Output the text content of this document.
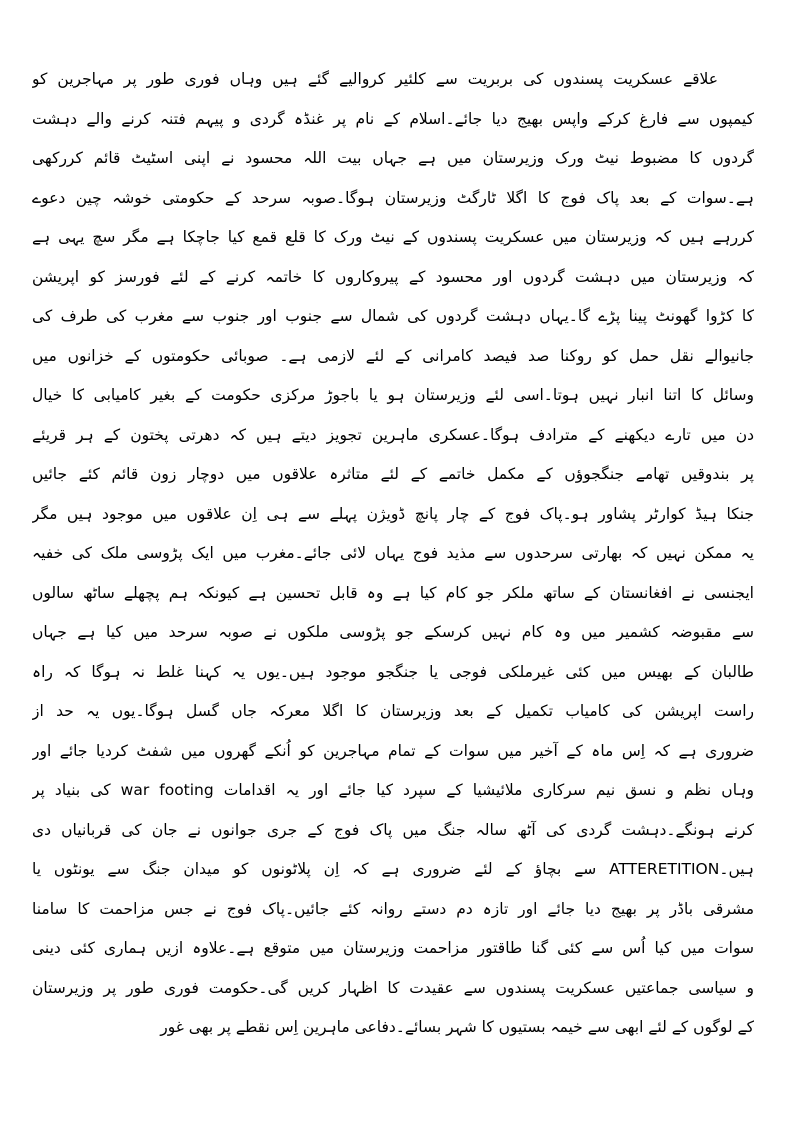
علاقے عسکریت پسندوں کی بربریت سے کلئیر کروالیے گئے ہیں وہاں فوری طور پر مہاجرین کو
کیمپوں سے فارغ کرکے واپس بھیج دیا جائے۔اسلام کے نام پر غنڈہ گردی و پیہم فتنہ کرنے والے دہشت
گردوں کا مضبوط نیٹ ورک وزیرستان میں ہے جہاں بیت اللہ محسود نے اپنی اسٹیٹ قائم کررکھی
ہے۔سوات کے بعد پاک فوج کا اگلا ٹارگٹ وزیرستان ہوگا۔صوبہ سرحد کے حکومتی خوشہ چین دعوے
کررہے ہیں کہ وزیرستان میں عسکریت پسندوں کے نیٹ ورک کا قلع قمع کیا جاچکا ہے مگر سچ یہی ہے
کہ وزیرستان میں دہشت گردوں اور محسود کے پیروکاروں کا خاتمہ کرنے کے لئے فورسز کو اپریشن
کا کڑوا گھونٹ پینا پڑے گا۔یہاں دہشت گردوں کی شمال سے جنوب اور جنوب سے مغرب کی طرف کی
جانیوالے نقل حمل کو روکنا صد فیصد کامرانی کے لئے لازمی ہے۔ صوبائی حکومتوں کے خزانوں میں
وسائل کا اتنا انبار نہیں ہوتا۔اسی لئے وزیرستان ہو یا باجوڑ مرکزی حکومت کے بغیر کامیابی کا خیال
دن میں تارے دیکھنے کے مترادف ہوگا۔عسکری ماہرین تجویز دیتے ہیں کہ دھرتی پختون کے ہر قریئے
پر بندوقیں تھامے جنگجوؤں کے مکمل خاتمے کے لئے متاثرہ علاقوں میں دوچار زون قائم کئے جائیں
جنکا ہیڈ کوارٹر پشاور ہو۔پاک فوج کے چار پانچ ڈویژن پہلے سے ہی اِن علاقوں میں موجود ہیں مگر
یہ ممکن نہیں کہ بھارتی سرحدوں سے مذید فوج یہاں لائی جائے۔مغرب میں ایک پڑوسی ملک کی خفیہ
ایجنسی نے افغانستان کے ساتھ ملکر جو کام کیا ہے وہ قابل تحسین ہے کیونکہ ہم پچھلے ساٹھ سالوں
سے مقبوضہ کشمیر میں وہ کام نہیں کرسکے جو پڑوسی ملکوں نے صوبہ سرحد میں کیا ہے جہاں
طالبان کے بھیس میں کئی غیرملکی فوجی یا جنگجو موجود ہیں۔یوں یہ کہنا غلط نہ ہوگا کہ راہ
راست اپریشن کی کامیاب تکمیل کے بعد وزیرستان کا اگلا معرکہ جاں گسل ہوگا۔یوں یہ حد از
ضروری ہے کہ اِس ماہ کے آخیر میں سوات کے تمام مہاجرین کو اُنکے گھروں میں شفٹ کردیا جائے اور
وہاں نظم و نسق نیم سرکاری ملائیشیا کے سپرد کیا جائے اور یہ اقدامات war footing کی بنیاد پر
کرنے ہونگے۔دہشت گردی کی آٹھ سالہ جنگ میں پاک فوج کے جری جوانوں نے جان کی قربانیاں دی
ہیں۔ATTERETITION سے بچاؤ کے لئے ضروری ہے کہ اِن پلاٹونوں کو میدان جنگ سے یونٹوں یا
مشرقی باڈر پر بھیج دیا جائے اور تازہ دم دستے روانہ کئے جائیں۔پاک فوج نے جس مزاحمت کا سامنا
سوات میں کیا اُس سے کئی گنا طاقتور مزاحمت وزیرستان میں متوقع ہے۔علاوہ ازیں ہماری کئی دینی
و سیاسی جماعتیں عسکریت پسندوں سے عقیدت کا اظہار کریں گی۔حکومت فوری طور پر وزیرستان
کے لوگوں کے لئے ابھی سے خیمہ بستیوں کا شہر بسائے۔دفاعی ماہرین اِس نقطے پر بھی غور
